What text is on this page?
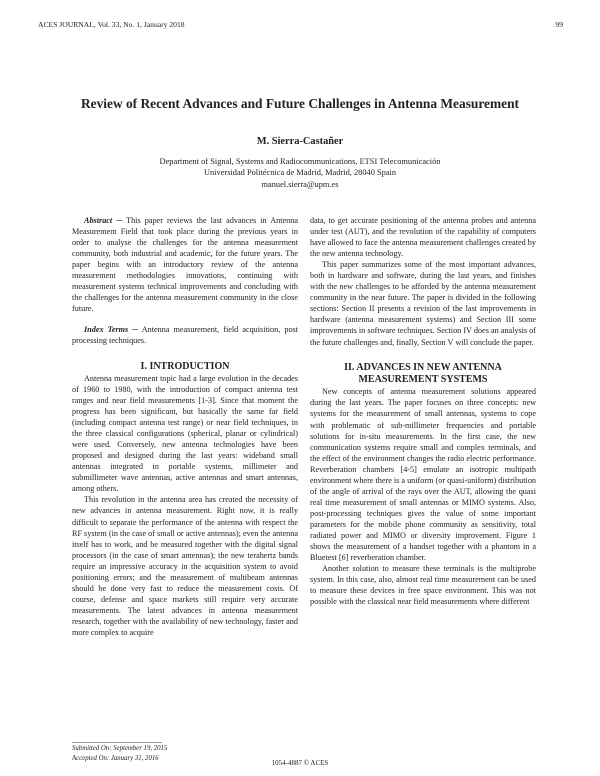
ACES JOURNAL, Vol. 33, No. 1, January 2018	99
Review of Recent Advances and Future Challenges in Antenna Measurement
M. Sierra-Castañer
Department of Signal, Systems and Radiocommunications, ETSI Telecomunicación
Universidad Politécnica de Madrid, Madrid, 28040 Spain
manuel.sierra@upm.es

Abstract ─ This paper reviews the last advances in Antenna Measurement Field that took place during the previous years in order to analyse the challenges for the antenna measurement community, both industrial and academic, for the future years. The paper begins with an introductory review of the antenna measurement methodologies innovations, continuing with measurement systems technical improvements and concluding with the challenges for the antenna measurement community in the close future.

Index Terms ─ Antenna measurement, field acquisition, post processing techniques.

I. INTRODUCTION

Antenna measurement topic had a large evolution in the decades of 1960 to 1980, with the introduction of compact antenna test ranges and near field measurements [1-3]. Since that moment the progress has been significant, but basically the same far field (including compact antenna test range) or near field techniques, in the three classical configurations (spherical, planar or cylindrical) were used. Conversely, new antenna technologies have been proposed and designed during the last years: wideband small antennas integrated in portable systems, millimeter and submillimeter wave antennas, active antennas and smart antennas, among others.

This revolution in the antenna area has created the necessity of new advances in antenna measurement. Right now, it is really difficult to separate the performance of the antenna with respect the RF system (in the case of small or active antennas); even the antenna itself has to work, and be measured together with the digital signal processors (in the case of smart antennas); the new terahertz bands require an impressive accuracy in the acquisition system to avoid positioning errors; and the measurement of multibeam antennas should be done very fast to reduce the measurement costs. Of course, defense and space markets still require very accurate measurements. The latest advances in antenna measurement research, together with the availability of new technology, faster and more complex to acquire

data, to get accurate positioning of the antenna probes and antenna under test (AUT), and the revolution of the capability of computers have allowed to face the antenna measurement challenges created by the new antenna technology.

This paper summarizes some of the most important advances, both in hardware and software, during the last years, and finishes with the new challenges to be afforded by the antenna measurement community in the near future. The paper is divided in the following sections: Section II presents a revision of the last improvements in hardware (antenna measurement systems) and Section III some improvements in software techniques. Section IV does an analysis of the future challenges and, finally, Section V will conclude the paper.

II. ADVANCES IN NEW ANTENNA
MEASUREMENT SYSTEMS

New concepts of antenna measurement solutions appeared during the last years. The paper focuses on three concepts: new systems for the measurement of small antennas, systems to cope with problematic of sub-millimeter frequencies and portable solutions for in-situ measurements. In the first case, the new communication systems require small and complex terminals, and the effect of the environment changes the radio electric performance. Reverberation chambers [4-5] emulate an isotropic multipath environment where there is a uniform (or quasi-uniform) distribution of the angle of arrival of the rays over the AUT, allowing the quasi real time measurement of small antennas or MIMO systems. Also, post-processing techniques gives the value of some important parameters for the mobile phone community as sensitivity, total radiated power and MIMO or diversity improvement. Figure 1 shows the measurement of a handset together with a phantom in a Bluetest [6] reverberation chamber.

Another solution to measure these terminals is the multiprobe system. In this case, also, almost real time measurement can be used to measure these devices in free space environment. This was not possible with the classical near field measurements where different

Submitted On: September 19, 2015
Accepted On: January 31, 2016
1054-4887 © ACES
